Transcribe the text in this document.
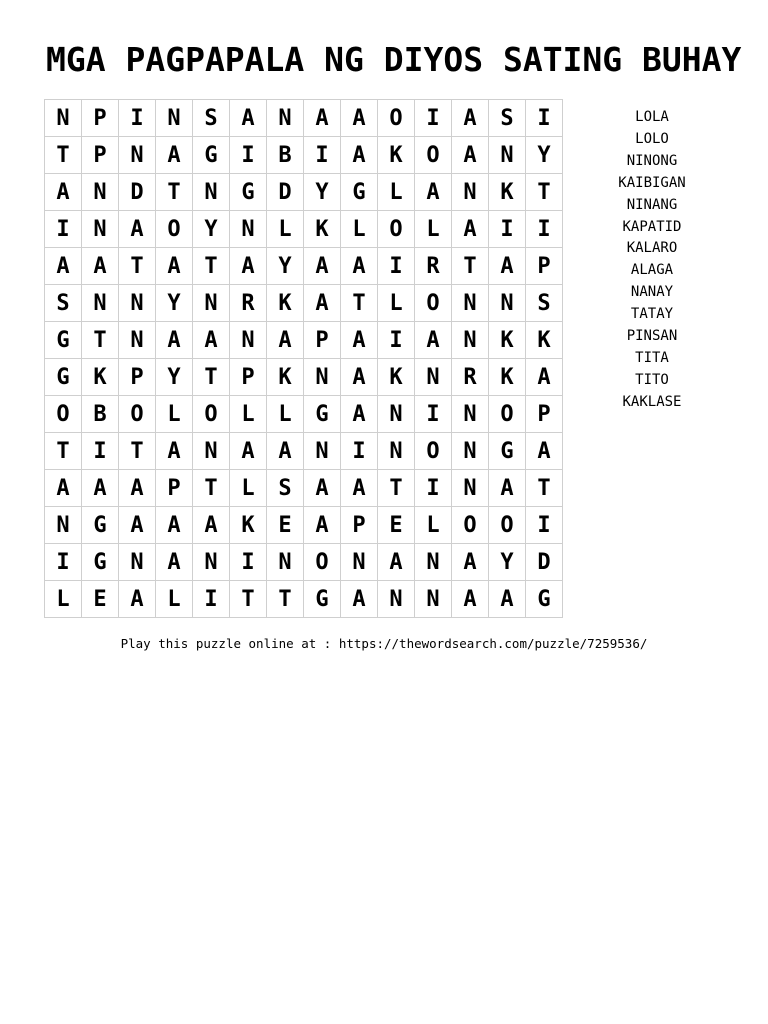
MGA PAGPAPALA NG DIYOS SATING BUHAY
N	P	I	N	S	A	N	A	A	O	I	A	S	I
T	P	N	A	G	I	B	I	A	K	O	A	N	Y
A	N	D	T	N	G	D	Y	G	L	A	N	K	T
I	N	A	O	Y	N	L	K	L	O	L	A	I	I
A	A	T	A	T	A	Y	A	A	I	R	T	A	P
S	N	N	Y	N	R	K	A	T	L	O	N	N	S
G	T	N	A	A	N	A	P	A	I	A	N	K	K
G	K	P	Y	T	P	K	N	A	K	N	R	K	A
O	B	O	L	O	L	L	G	A	N	I	N	O	P
T	I	T	A	N	A	A	N	I	N	O	N	G	A
A	A	A	P	T	L	S	A	A	T	I	N	A	T
N	G	A	A	A	K	E	A	P	E	L	O	O	I
I	G	N	A	N	I	N	O	N	A	N	A	Y	D
L	E	A	L	I	T	T	G	A	N	N	A	A	G
LOLA
LOLO
NINONG
KAIBIGAN
NINANG
KAPATID
KALARO
ALAGA
NANAY
TATAY
PINSAN
TITA
TITO
KAKLASE
Play this puzzle online at : https://thewordsearch.com/puzzle/7259536/
